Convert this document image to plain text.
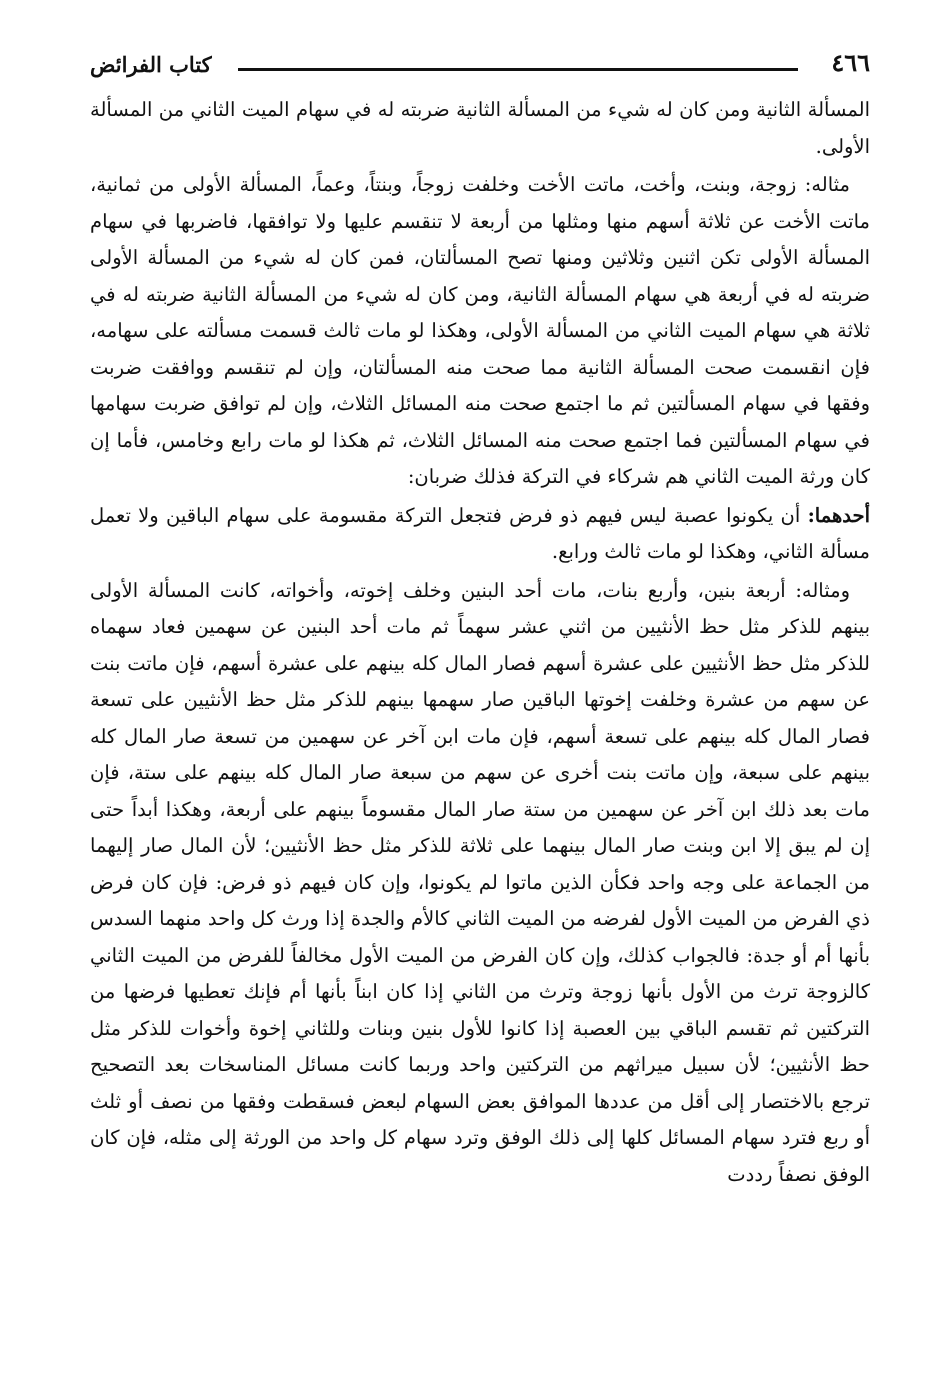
٤٦٦
كتاب الفرائض

المسألة الثانية ومن كان له شيء من المسألة الثانية ضربته له في سهام الميت الثاني من المسألة الأولى.

مثاله: زوجة، وبنت، وأخت، ماتت الأخت وخلفت زوجاً، وبنتاً، وعماً، المسألة الأولى من ثمانية، ماتت الأخت عن ثلاثة أسهم منها ومثلها من أربعة لا تنقسم عليها ولا توافقها، فاضربها في سهام المسألة الأولى تكن اثنين وثلاثين ومنها تصح المسألتان، فمن كان له شيء من المسألة الأولى ضربته له في أربعة هي سهام المسألة الثانية، ومن كان له شيء من المسألة الثانية ضربته له في ثلاثة هي سهام الميت الثاني من المسألة الأولى، وهكذا لو مات ثالث قسمت مسألته على سهامه، فإن انقسمت صحت المسألة الثانية مما صحت منه المسألتان، وإن لم تنقسم ووافقت ضربت وفقها في سهام المسألتين ثم ما اجتمع صحت منه المسائل الثلاث، وإن لم توافق ضربت سهامها في سهام المسألتين فما اجتمع صحت منه المسائل الثلاث، ثم هكذا لو مات رابع وخامس، فأما إن كان ورثة الميت الثاني هم شركاء في التركة فذلك ضربان:

أحدهما: أن يكونوا عصبة ليس فيهم ذو فرض فتجعل التركة مقسومة على سهام الباقين ولا تعمل مسألة الثاني، وهكذا لو مات ثالث ورابع.

ومثاله: أربعة بنين، وأربع بنات، مات أحد البنين وخلف إخوته، وأخواته، كانت المسألة الأولى بينهم للذكر مثل حظ الأنثيين من اثني عشر سهماً ثم مات أحد البنين عن سهمين فعاد سهماه للذكر مثل حظ الأنثيين على عشرة أسهم فصار المال كله بينهم على عشرة أسهم، فإن ماتت بنت عن سهم من عشرة وخلفت إخوتها الباقين صار سهمها بينهم للذكر مثل حظ الأنثيين على تسعة فصار المال كله بينهم على تسعة أسهم، فإن مات ابن آخر عن سهمين من تسعة صار المال كله بينهم على سبعة، وإن ماتت بنت أخرى عن سهم من سبعة صار المال كله بينهم على ستة، فإن مات بعد ذلك ابن آخر عن سهمين من ستة صار المال مقسوماً بينهم على أربعة، وهكذا أبداً حتى إن لم يبق إلا ابن وبنت صار المال بينهما على ثلاثة للذكر مثل حظ الأنثيين؛ لأن المال صار إليهما من الجماعة على وجه واحد فكأن الذين ماتوا لم يكونوا، وإن كان فيهم ذو فرض: فإن كان فرض ذي الفرض من الميت الأول لفرضه من الميت الثاني كالأم والجدة إذا ورث كل واحد منهما السدس بأنها أم أو جدة: فالجواب كذلك، وإن كان الفرض من الميت الأول مخالفاً للفرض من الميت الثاني كالزوجة ترث من الأول بأنها زوجة وترث من الثاني إذا كان ابناً بأنها أم فإنك تعطيها فرضها من التركتين ثم تقسم الباقي بين العصبة إذا كانوا للأول بنين وبنات وللثاني إخوة وأخوات للذكر مثل حظ الأنثيين؛ لأن سبيل ميراثهم من التركتين واحد وربما كانت مسائل المناسخات بعد التصحيح ترجع بالاختصار إلى أقل من عددها الموافق بعض السهام لبعض فسقطت وفقها من نصف أو ثلث أو ربع فترد سهام المسائل كلها إلى ذلك الوفق وترد سهام كل واحد من الورثة إلى مثله، فإن كان الوفق نصفاً رددت
